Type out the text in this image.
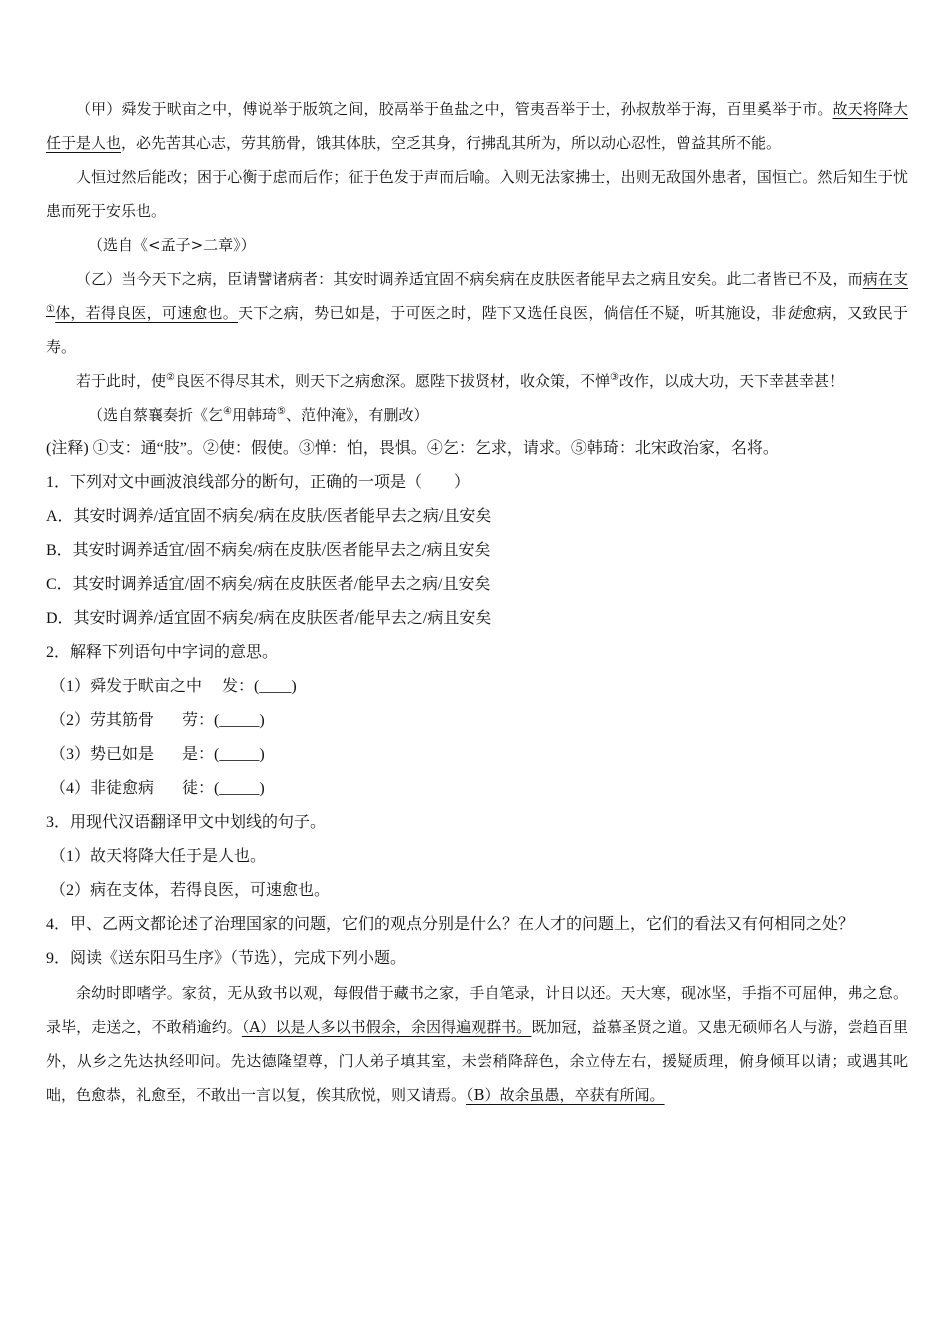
（甲）舜发于畎亩之中，傅说举于版筑之间，胶鬲举于鱼盐之中，管夷吾举于士，孙叔敖举于海，百里奚举于市。故天将降大任于是人也，必先苦其心志，劳其筋骨，饿其体肤，空乏其身，行拂乱其所为，所以动心忍性，曾益其所不能。

人恒过然后能改；困于心衡于虑而后作；征于色发于声而后喻。入则无法家拂士，出则无敌国外患者，国恒亡。然后知生于忧患而死于安乐也。

（选自《<孟子>二章》）

（乙）当今天下之病，臣请譬诸病者：其安时调养适宜固不病矣病在皮肤医者能早去之病且安矣。此二者皆已不及，而病在支①体，若得良医，可速愈也。天下之病，势已如是，于可医之时，陛下又选任良医，倘信任不疑，听其施设，非徒愈病，又致民于寿。

若于此时，使②良医不得尽其术，则天下之病愈深。愿陛下拔贤材，收众策，不惮③改作，以成大功，天下幸甚幸甚！

（选自蔡襄奏折《乞④用韩琦⑤、范仲淹》，有删改）

(注释) ①支：通“肢”。②使：假使。③惮：怕，畏惧。④乞：乞求，请求。⑤韩琦：北宋政治家，名将。

1．下列对文中画波浪线部分的断句，正确的一项是（　　）

A．其安时调养/适宜固不病矣/病在皮肤/医者能早去之病/且安矣

B．其安时调养适宜/固不病矣/病在皮肤/医者能早去之/病且安矣

C．其安时调养适宜/固不病矣/病在皮肤医者/能早去之病/且安矣

D．其安时调养/适宜固不病矣/病在皮肤医者/能早去之/病且安矣

2．解释下列语句中字词的意思。

（1）舜发于畎亩之中 发：(____)

（2）劳其筋骨 劳：(_____)

（3）势已如是 是：(_____)

（4）非徒愈病 徒：(_____)

3．用现代汉语翻译甲文中划线的句子。

（1）故天将降大任于是人也。

（2）病在支体，若得良医，可速愈也。

4．甲、乙两文都论述了治理国家的问题，它们的观点分别是什么？在人才的问题上，它们的看法又有何相同之处？

9．阅读《送东阳马生序》（节选），完成下列小题。

余幼时即嗜学。家贫，无从致书以观，每假借于藏书之家，手自笔录，计日以还。天大寒，砚冰坚，手指不可屈伸，弗之怠。录毕，走送之，不敢稍逾约。（A）以是人多以书假余，余因得遍观群书。既加冠，益慕圣贤之道。又患无硕师名人与游，尝趋百里外，从乡之先达执经叩问。先达德隆望尊，门人弟子填其室，未尝稍降辞色，余立侍左右，援疑质理，俯身倾耳以请；或遇其叱咄，色愈恭，礼愈至，不敢出一言以复，俟其欣悦，则又请焉。（B）故余虽愚，卒获有所闻。
